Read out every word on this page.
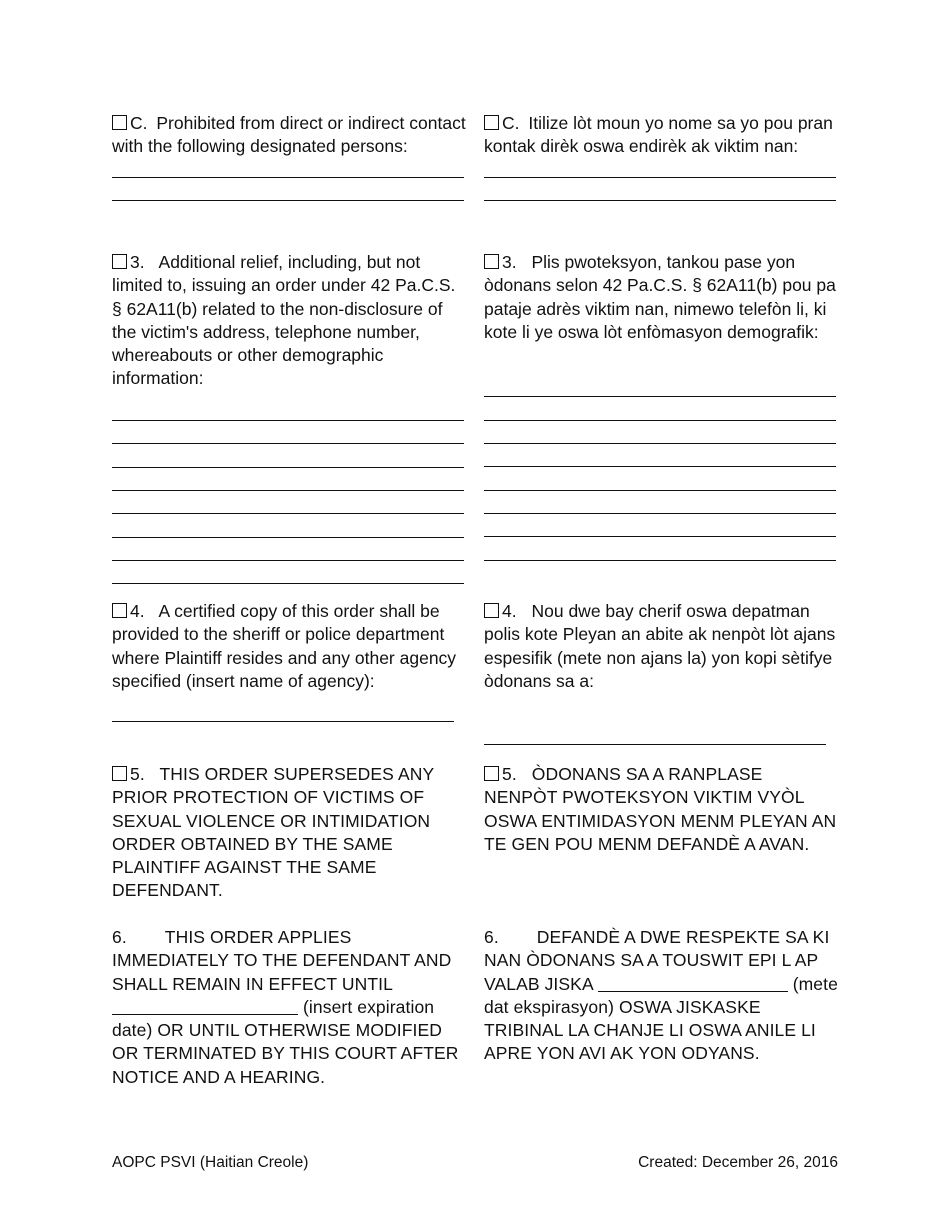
C. Prohibited from direct or indirect contact with the following designated persons:

3. Additional relief, including, but not limited to, issuing an order under 42 Pa.C.S. § 62A11(b) related to the non-disclosure of the victim's address, telephone number, whereabouts or other demographic information:

4. A certified copy of this order shall be provided to the sheriff or police department where Plaintiff resides and any other agency specified (insert name of agency):

5. THIS ORDER SUPERSEDES ANY PRIOR PROTECTION OF VICTIMS OF SEXUAL VIOLENCE OR INTIMIDATION ORDER OBTAINED BY THE SAME PLAINTIFF AGAINST THE SAME DEFENDANT.

6. THIS ORDER APPLIES IMMEDIATELY TO THE DEFENDANT AND SHALL REMAIN IN EFFECT UNTIL  (insert expiration date) OR UNTIL OTHERWISE MODIFIED OR TERMINATED BY THIS COURT AFTER NOTICE AND A HEARING.

C. Itilize lòt moun yo nome sa yo pou pran kontak dirèk oswa endirèk ak viktim nan:

3. Plis pwoteksyon, tankou pase yon òdonans selon 42 Pa.C.S. § 62A11(b) pou pa pataje adrès viktim nan, nimewo telefòn li, ki kote li ye oswa lòt enfòmasyon demografik:

4. Nou dwe bay cherif oswa depatman polis kote Pleyan an abite ak nenpòt lòt ajans espesifik (mete non ajans la) yon kopi sètifye òdonans sa a:

5. ÒDONANS SA A RANPLASE NENPÒT PWOTEKSYON VIKTIM VYÒL OSWA ENTIMIDASYON MENM PLEYAN AN TE GEN POU MENM DEFANDÈ A AVAN.

6. DEFANDÈ A DWE RESPEKTE SA KI NAN ÒDONANS SA A TOUSWIT EPI L AP VALAB JISKA	(mete dat ekspirasyon) OSWA JISKASKE TRIBINAL LA CHANJE LI OSWA ANILE LI APRE YON AVI AK YON ODYANS.

AOPC PSVI (Haitian Creole)	Created: December 26, 2016
